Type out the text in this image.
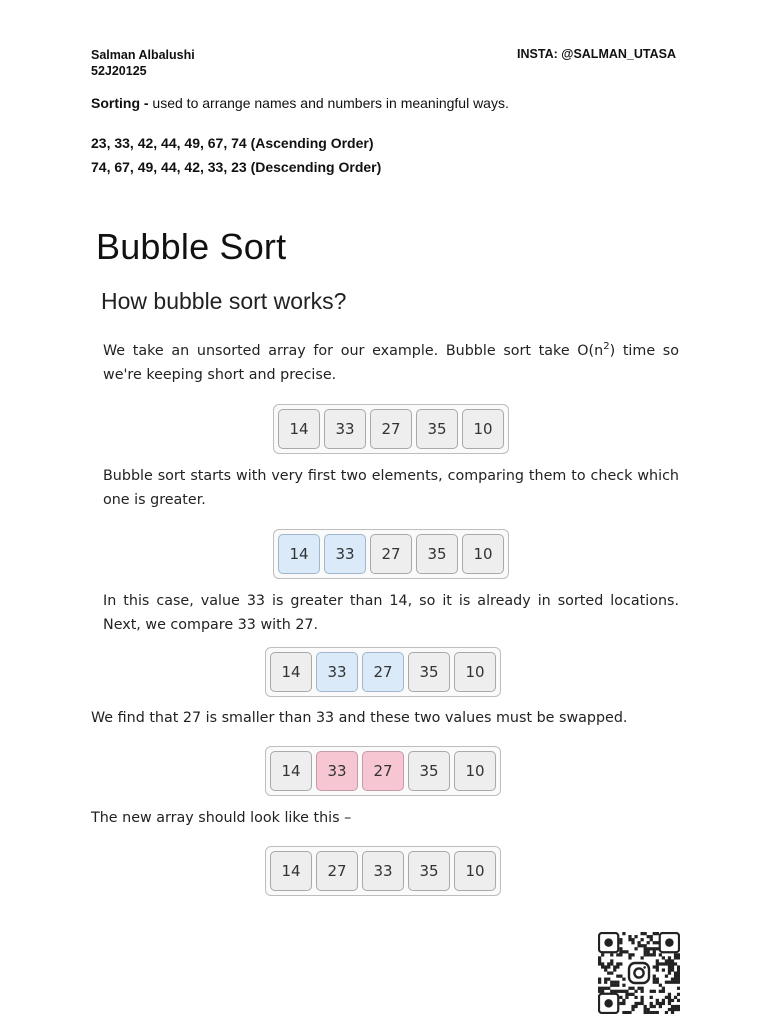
Salman Albalushi
52J20125
INSTA: @SALMAN_UTASA
Sorting - used to arrange names and numbers in meaningful ways.
23, 33, 42, 44, 49, 67, 74 (Ascending Order)
74, 67, 49, 44, 42, 33, 23 (Descending Order)
Bubble Sort
How bubble sort works?
We take an unsorted array for our example. Bubble sort take $O(n^2)$ time so we're keeping short and precise.
14	33	27	35	10
Bubble sort starts with very first two elements, comparing them to check which one is greater.
14	33	27	35	10
In this case, value 33 is greater than 14, so it is already in sorted locations. Next, we compare 33 with 27.
14	33	27	35	10
We find that 27 is smaller than 33 and these two values must be swapped.
14	33	27	35	10
The new array should look like this –
14	27	33	35	10
